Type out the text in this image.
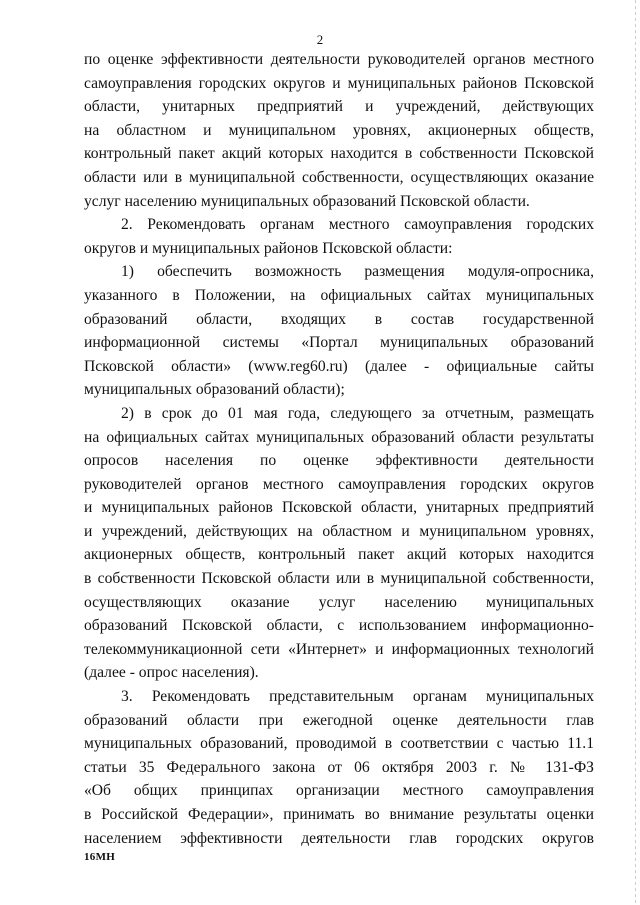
2
по оценке эффективности деятельности руководителей органов местного
самоуправления городских округов и муниципальных районов Псковской
области, унитарных предприятий и учреждений, действующих
на областном и муниципальном уровнях, акционерных обществ,
контрольный пакет акций которых находится в собственности Псковской
области или в муниципальной собственности, осуществляющих оказание
услуг населению муниципальных образований Псковской области.
2. Рекомендовать органам местного самоуправления городских
округов и муниципальных районов Псковской области:
1) обеспечить возможность размещения модуля-опросника,
указанного в Положении, на официальных сайтах муниципальных
образований области, входящих в состав государственной
информационной системы «Портал муниципальных образований
Псковской области» (www.reg60.ru) (далее - официальные сайты
муниципальных образований области);
2) в срок до 01 мая года, следующего за отчетным, размещать
на официальных сайтах муниципальных образований области результаты
опросов населения по оценке эффективности деятельности
руководителей органов местного самоуправления городских округов
и муниципальных районов Псковской области, унитарных предприятий
и учреждений, действующих на областном и муниципальном уровнях,
акционерных обществ, контрольный пакет акций которых находится
в собственности Псковской области или в муниципальной собственности,
осуществляющих оказание услуг населению муниципальных
образований Псковской области, с использованием информационно-
телекоммуникационной сети «Интернет» и информационных технологий
(далее - опрос населения).
3. Рекомендовать представительным органам муниципальных
образований области при ежегодной оценке деятельности глав
муниципальных образований, проводимой в соответствии с частью 11.1
статьи 35 Федерального закона от 06 октября 2003 г. № 131-ФЗ
«Об общих принципах организации местного самоуправления
в Российской Федерации», принимать во внимание результаты оценки
населением эффективности деятельности глав городских округов
16МН
